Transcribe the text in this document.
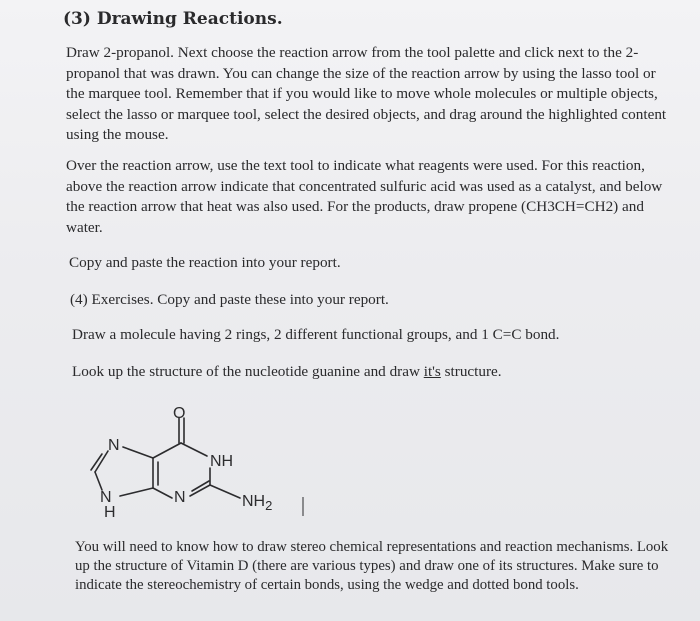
(3) Drawing Reactions.

Draw 2-propanol. Next choose the reaction arrow from the tool palette and click next to the 2-propanol that was drawn. You can change the size of the reaction arrow by using the lasso tool or the marquee tool. Remember that if you would like to move whole molecules or multiple objects, select the lasso or marquee tool, select the desired objects, and drag around the highlighted content using the mouse.

Over the reaction arrow, use the text tool to indicate what reagents were used. For this reaction, above the reaction arrow indicate that concentrated sulfuric acid was used as a catalyst, and below the reaction arrow that heat was also used. For the products, draw propene (CH3CH=CH2) and water.

Copy and paste the reaction into your report.

(4) Exercises. Copy and paste these into your report.

Draw a molecule having 2 rings, 2 different functional groups, and 1 C=C bond.

Look up the structure of the nucleotide guanine and draw it's structure.

O
NH
N
N
H
N	$NH_2$

You will need to know how to draw stereo chemical representations and reaction mechanisms. Look up the structure of Vitamin D (there are various types) and draw one of its structures. Make sure to indicate the stereochemistry of certain bonds, using the wedge and dotted bond tools.
